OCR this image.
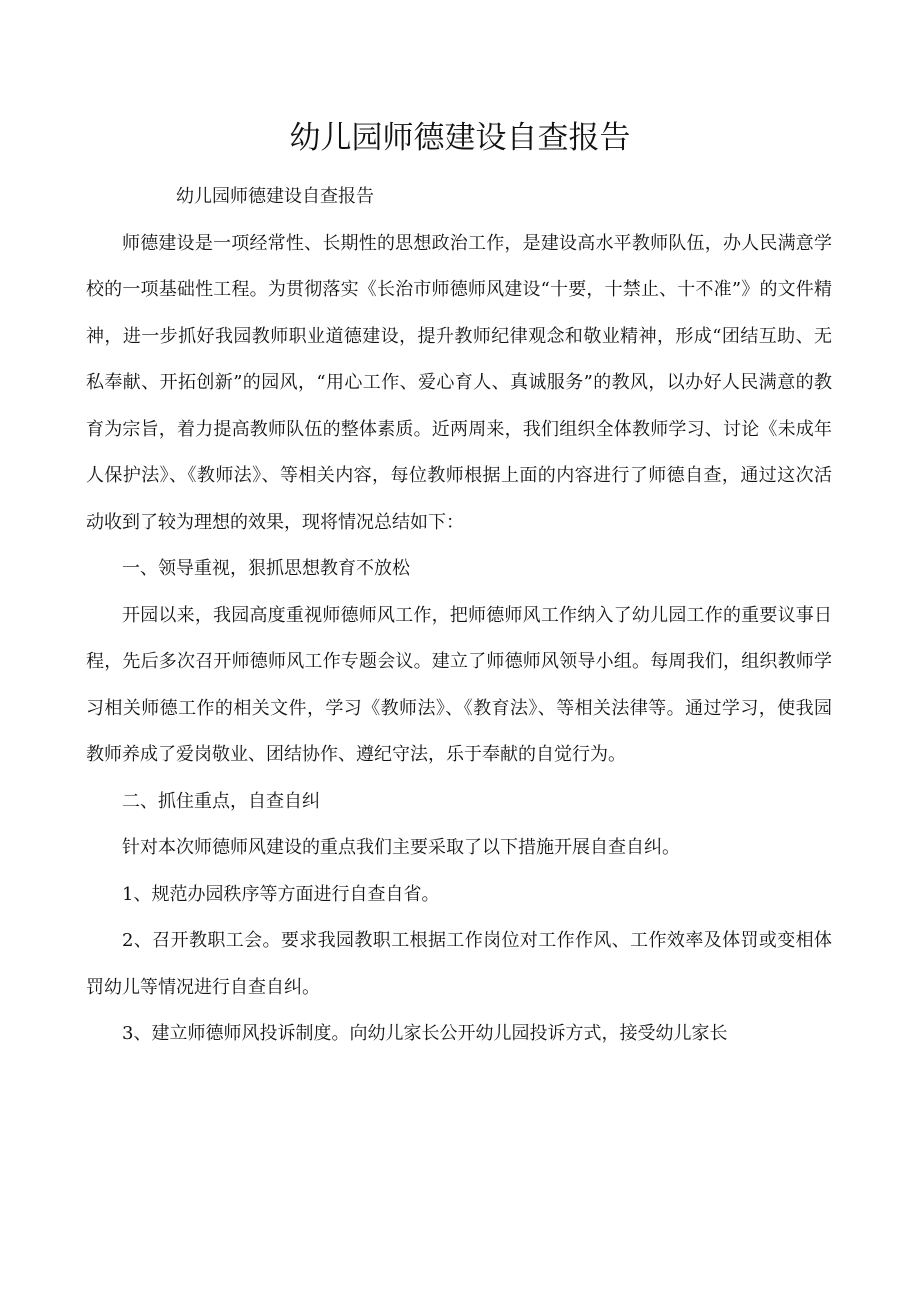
幼儿园师德建设自查报告

幼儿园师德建设自查报告

师德建设是一项经常性、长期性的思想政治工作，是建设高水平教师队伍，办人民满意学校的一项基础性工程。为贯彻落实《长治市师德师风建设“十要，十禁止、十不准”》的文件精神，进一步抓好我园教师职业道德建设，提升教师纪律观念和敬业精神，形成“团结互助、无私奉献、开拓创新”的园风，“用心工作、爱心育人、真诚服务”的教风，以办好人民满意的教育为宗旨，着力提高教师队伍的整体素质。近两周来，我们组织全体教师学习、讨论《未成年人保护法》、《教师法》、等相关内容，每位教师根据上面的内容进行了师德自查，通过这次活动收到了较为理想的效果，现将情况总结如下：

一、领导重视，狠抓思想教育不放松

开园以来，我园高度重视师德师风工作，把师德师风工作纳入了幼儿园工作的重要议事日程，先后多次召开师德师风工作专题会议。建立了师德师风领导小组。每周我们，组织教师学习相关师德工作的相关文件，学习《教师法》、《教育法》、等相关法律等。通过学习，使我园教师养成了爱岗敬业、团结协作、遵纪守法，乐于奉献的自觉行为。

二、抓住重点，自查自纠

针对本次师德师风建设的重点我们主要采取了以下措施开展自查自纠。

1、规范办园秩序等方面进行自查自省。

2、召开教职工会。要求我园教职工根据工作岗位对工作作风、工作效率及体罚或变相体罚幼儿等情况进行自查自纠。

3、建立师德师风投诉制度。向幼儿家长公开幼儿园投诉方式，接受幼儿家长
